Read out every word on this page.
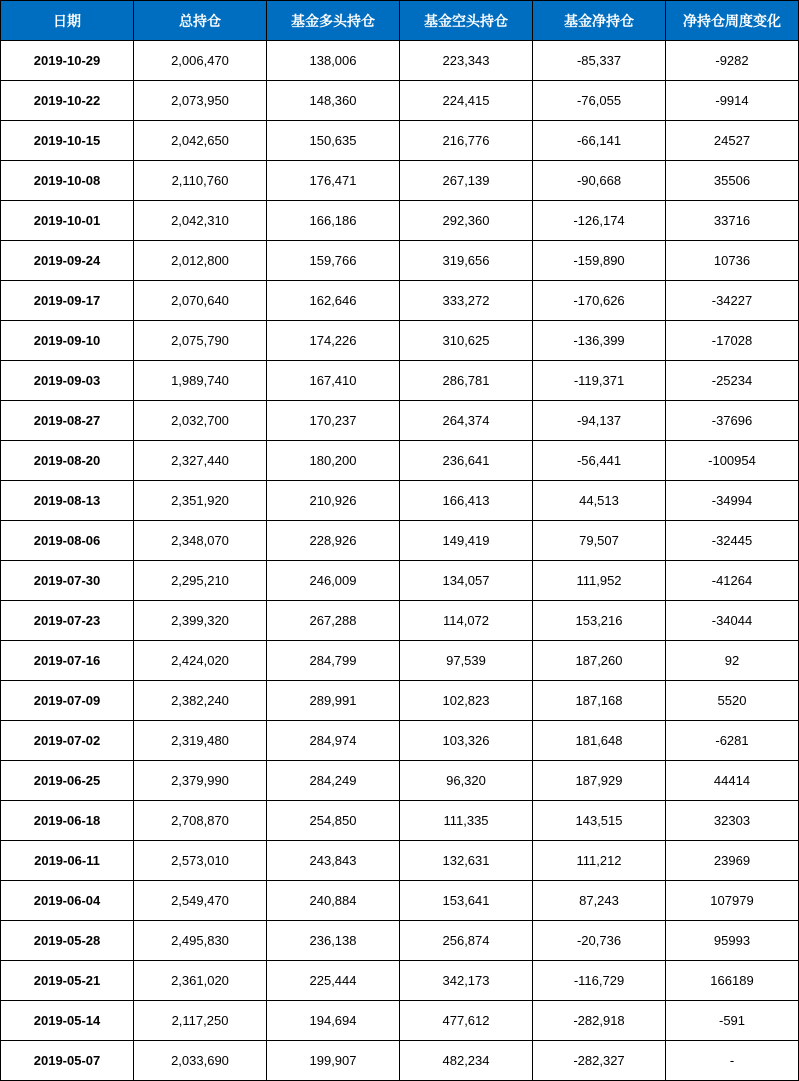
日期	总持仓	基金多头持仓	基金空头持仓	基金净持仓	净持仓周度变化
2019-10-29	2,006,470	138,006	223,343	-85,337	-9282
2019-10-22	2,073,950	148,360	224,415	-76,055	-9914
2019-10-15	2,042,650	150,635	216,776	-66,141	24527
2019-10-08	2,110,760	176,471	267,139	-90,668	35506
2019-10-01	2,042,310	166,186	292,360	-126,174	33716
2019-09-24	2,012,800	159,766	319,656	-159,890	10736
2019-09-17	2,070,640	162,646	333,272	-170,626	-34227
2019-09-10	2,075,790	174,226	310,625	-136,399	-17028
2019-09-03	1,989,740	167,410	286,781	-119,371	-25234
2019-08-27	2,032,700	170,237	264,374	-94,137	-37696
2019-08-20	2,327,440	180,200	236,641	-56,441	-100954
2019-08-13	2,351,920	210,926	166,413	44,513	-34994
2019-08-06	2,348,070	228,926	149,419	79,507	-32445
2019-07-30	2,295,210	246,009	134,057	111,952	-41264
2019-07-23	2,399,320	267,288	114,072	153,216	-34044
2019-07-16	2,424,020	284,799	97,539	187,260	92
2019-07-09	2,382,240	289,991	102,823	187,168	5520
2019-07-02	2,319,480	284,974	103,326	181,648	-6281
2019-06-25	2,379,990	284,249	96,320	187,929	44414
2019-06-18	2,708,870	254,850	111,335	143,515	32303
2019-06-11	2,573,010	243,843	132,631	111,212	23969
2019-06-04	2,549,470	240,884	153,641	87,243	107979
2019-05-28	2,495,830	236,138	256,874	-20,736	95993
2019-05-21	2,361,020	225,444	342,173	-116,729	166189
2019-05-14	2,117,250	194,694	477,612	-282,918	-591
2019-05-07	2,033,690	199,907	482,234	-282,327	-
